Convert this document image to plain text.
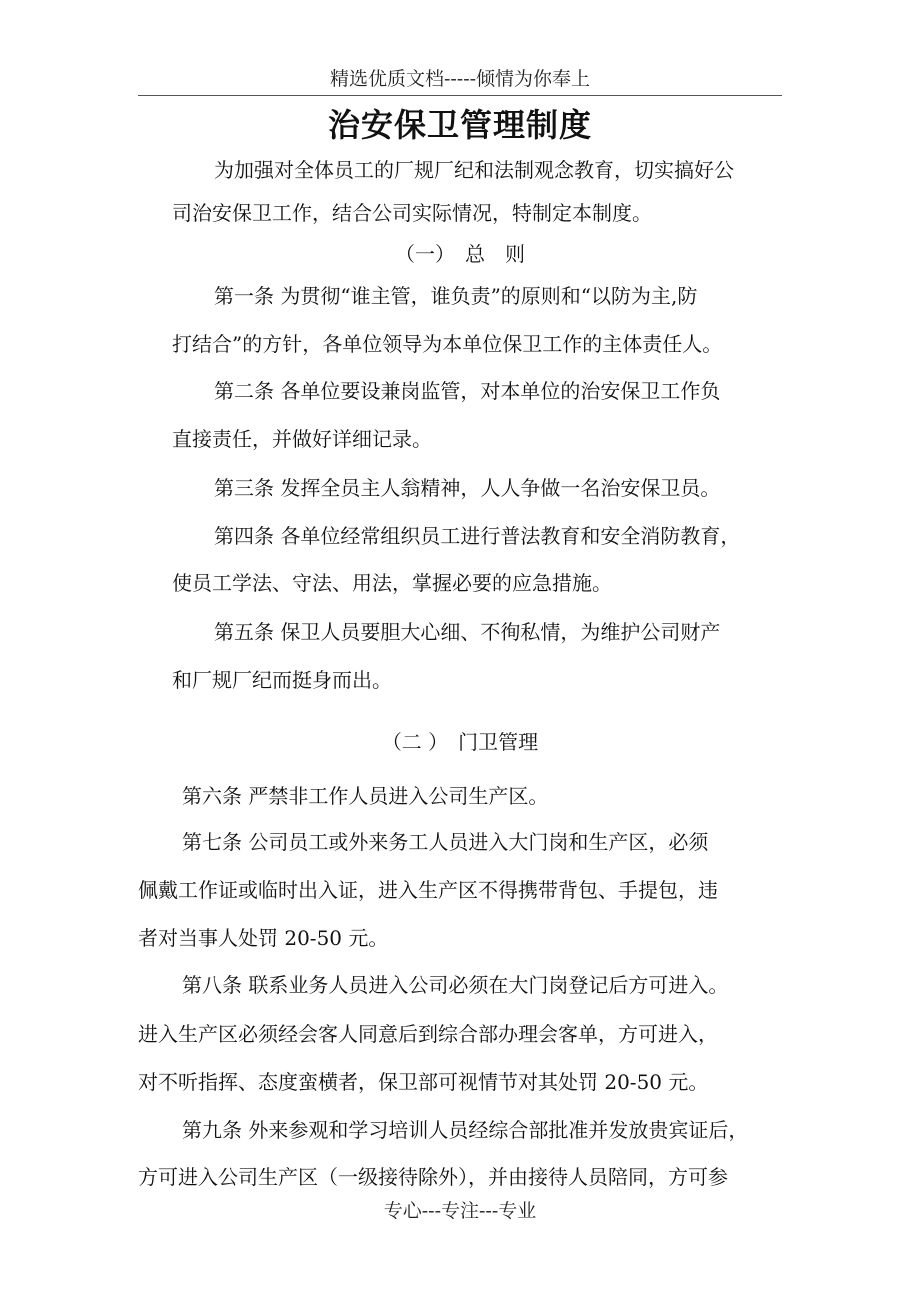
精选优质文档-----倾情为你奉上
治安保卫管理制度
为加强对全体员工的厂规厂纪和法制观念教育，切实搞好公
司治安保卫工作，结合公司实际情况，特制定本制度。
（一）　总　则
第一条 为贯彻“谁主管，谁负责”的原则和“以防为主,防
打结合”的方针，各单位领导为本单位保卫工作的主体责任人。
第二条 各单位要设兼岗监管，对本单位的治安保卫工作负
直接责任，并做好详细记录。
第三条 发挥全员主人翁精神，人人争做一名治安保卫员。
第四条 各单位经常组织员工进行普法教育和安全消防教育，
使员工学法、守法、用法，掌握必要的应急措施。
第五条 保卫人员要胆大心细、不徇私情，为维护公司财产
和厂规厂纪而挺身而出。
（二 ）　门卫管理
第六条 严禁非工作人员进入公司生产区。
第七条 公司员工或外来务工人员进入大门岗和生产区，必须
佩戴工作证或临时出入证，进入生产区不得携带背包、手提包，违
者对当事人处罚 20-50 元。
第八条 联系业务人员进入公司必须在大门岗登记后方可进入。
进入生产区必须经会客人同意后到综合部办理会客单，方可进入，
对不听指挥、态度蛮横者，保卫部可视情节对其处罚 20-50 元。
第九条 外来参观和学习培训人员经综合部批准并发放贵宾证后，
方可进入公司生产区（一级接待除外），并由接待人员陪同，方可参
专心---专注---专业
